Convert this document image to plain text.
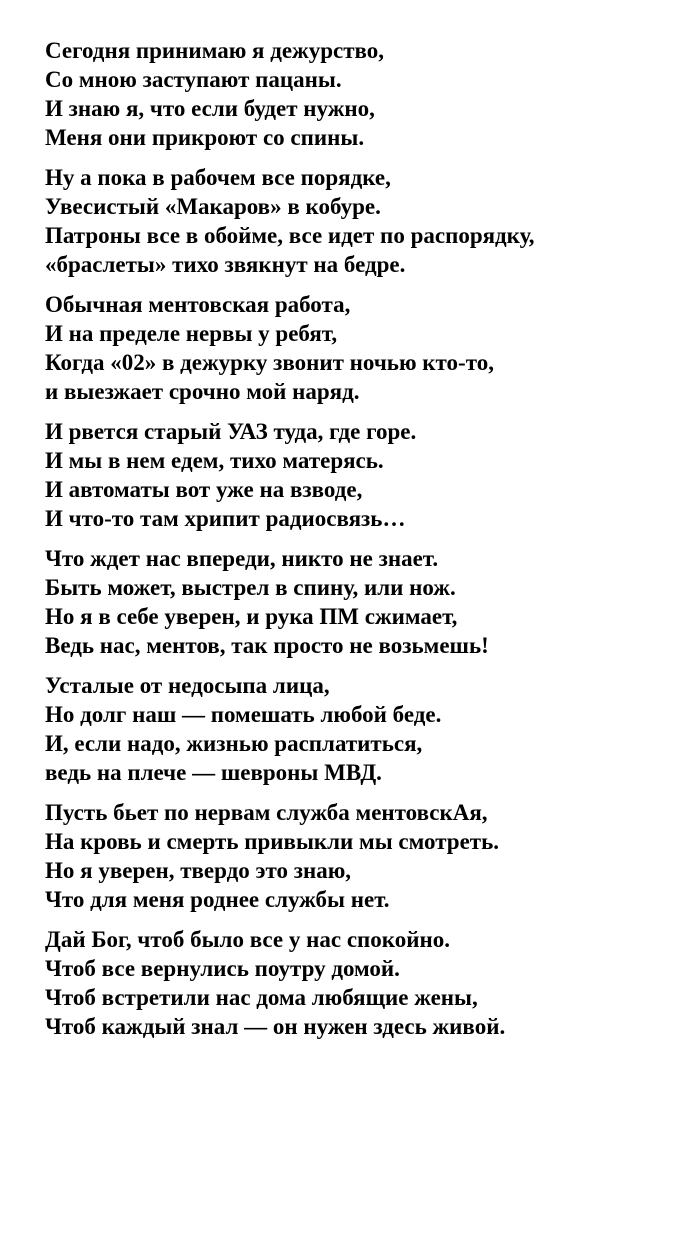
Сегодня принимаю я дежурство,
Со мною заступают пацаны.
И знаю я, что если будет нужно,
Меня они прикроют со спины.
Ну а пока в рабочем все порядке,
Увесистый «Макаров» в кобуре.
Патроны все в обойме, все идет по распорядку,
«браслеты» тихо звякнут на бедре.
Обычная ментовская работа,
И на пределе нервы у ребят,
Когда «02» в дежурку звонит ночью кто-то,
и выезжает срочно мой наряд.
И рвется старый УАЗ туда, где горе.
И мы в нем едем, тихо матерясь.
И автоматы вот уже на взводе,
И что-то там хрипит радиосвязь…
Что ждет нас впереди, никто не знает.
Быть может, выстрел в спину, или нож.
Но я в себе уверен, и рука ПМ сжимает,
Ведь нас, ментов, так просто не возьмешь!
Усталые от недосыпа лица,
Но долг наш — помешать любой беде.
И, если надо, жизнью расплатиться,
ведь на плече — шевроны МВД.
Пусть бьет по нервам служба ментовскАя,
На кровь и смерть привыкли мы смотреть.
Но я уверен, твердо это знаю,
Что для меня роднее службы нет.
Дай Бог, чтоб было все у нас спокойно.
Чтоб все вернулись поутру домой.
Чтоб встретили нас дома любящие жены,
Чтоб каждый знал — он нужен здесь живой.
